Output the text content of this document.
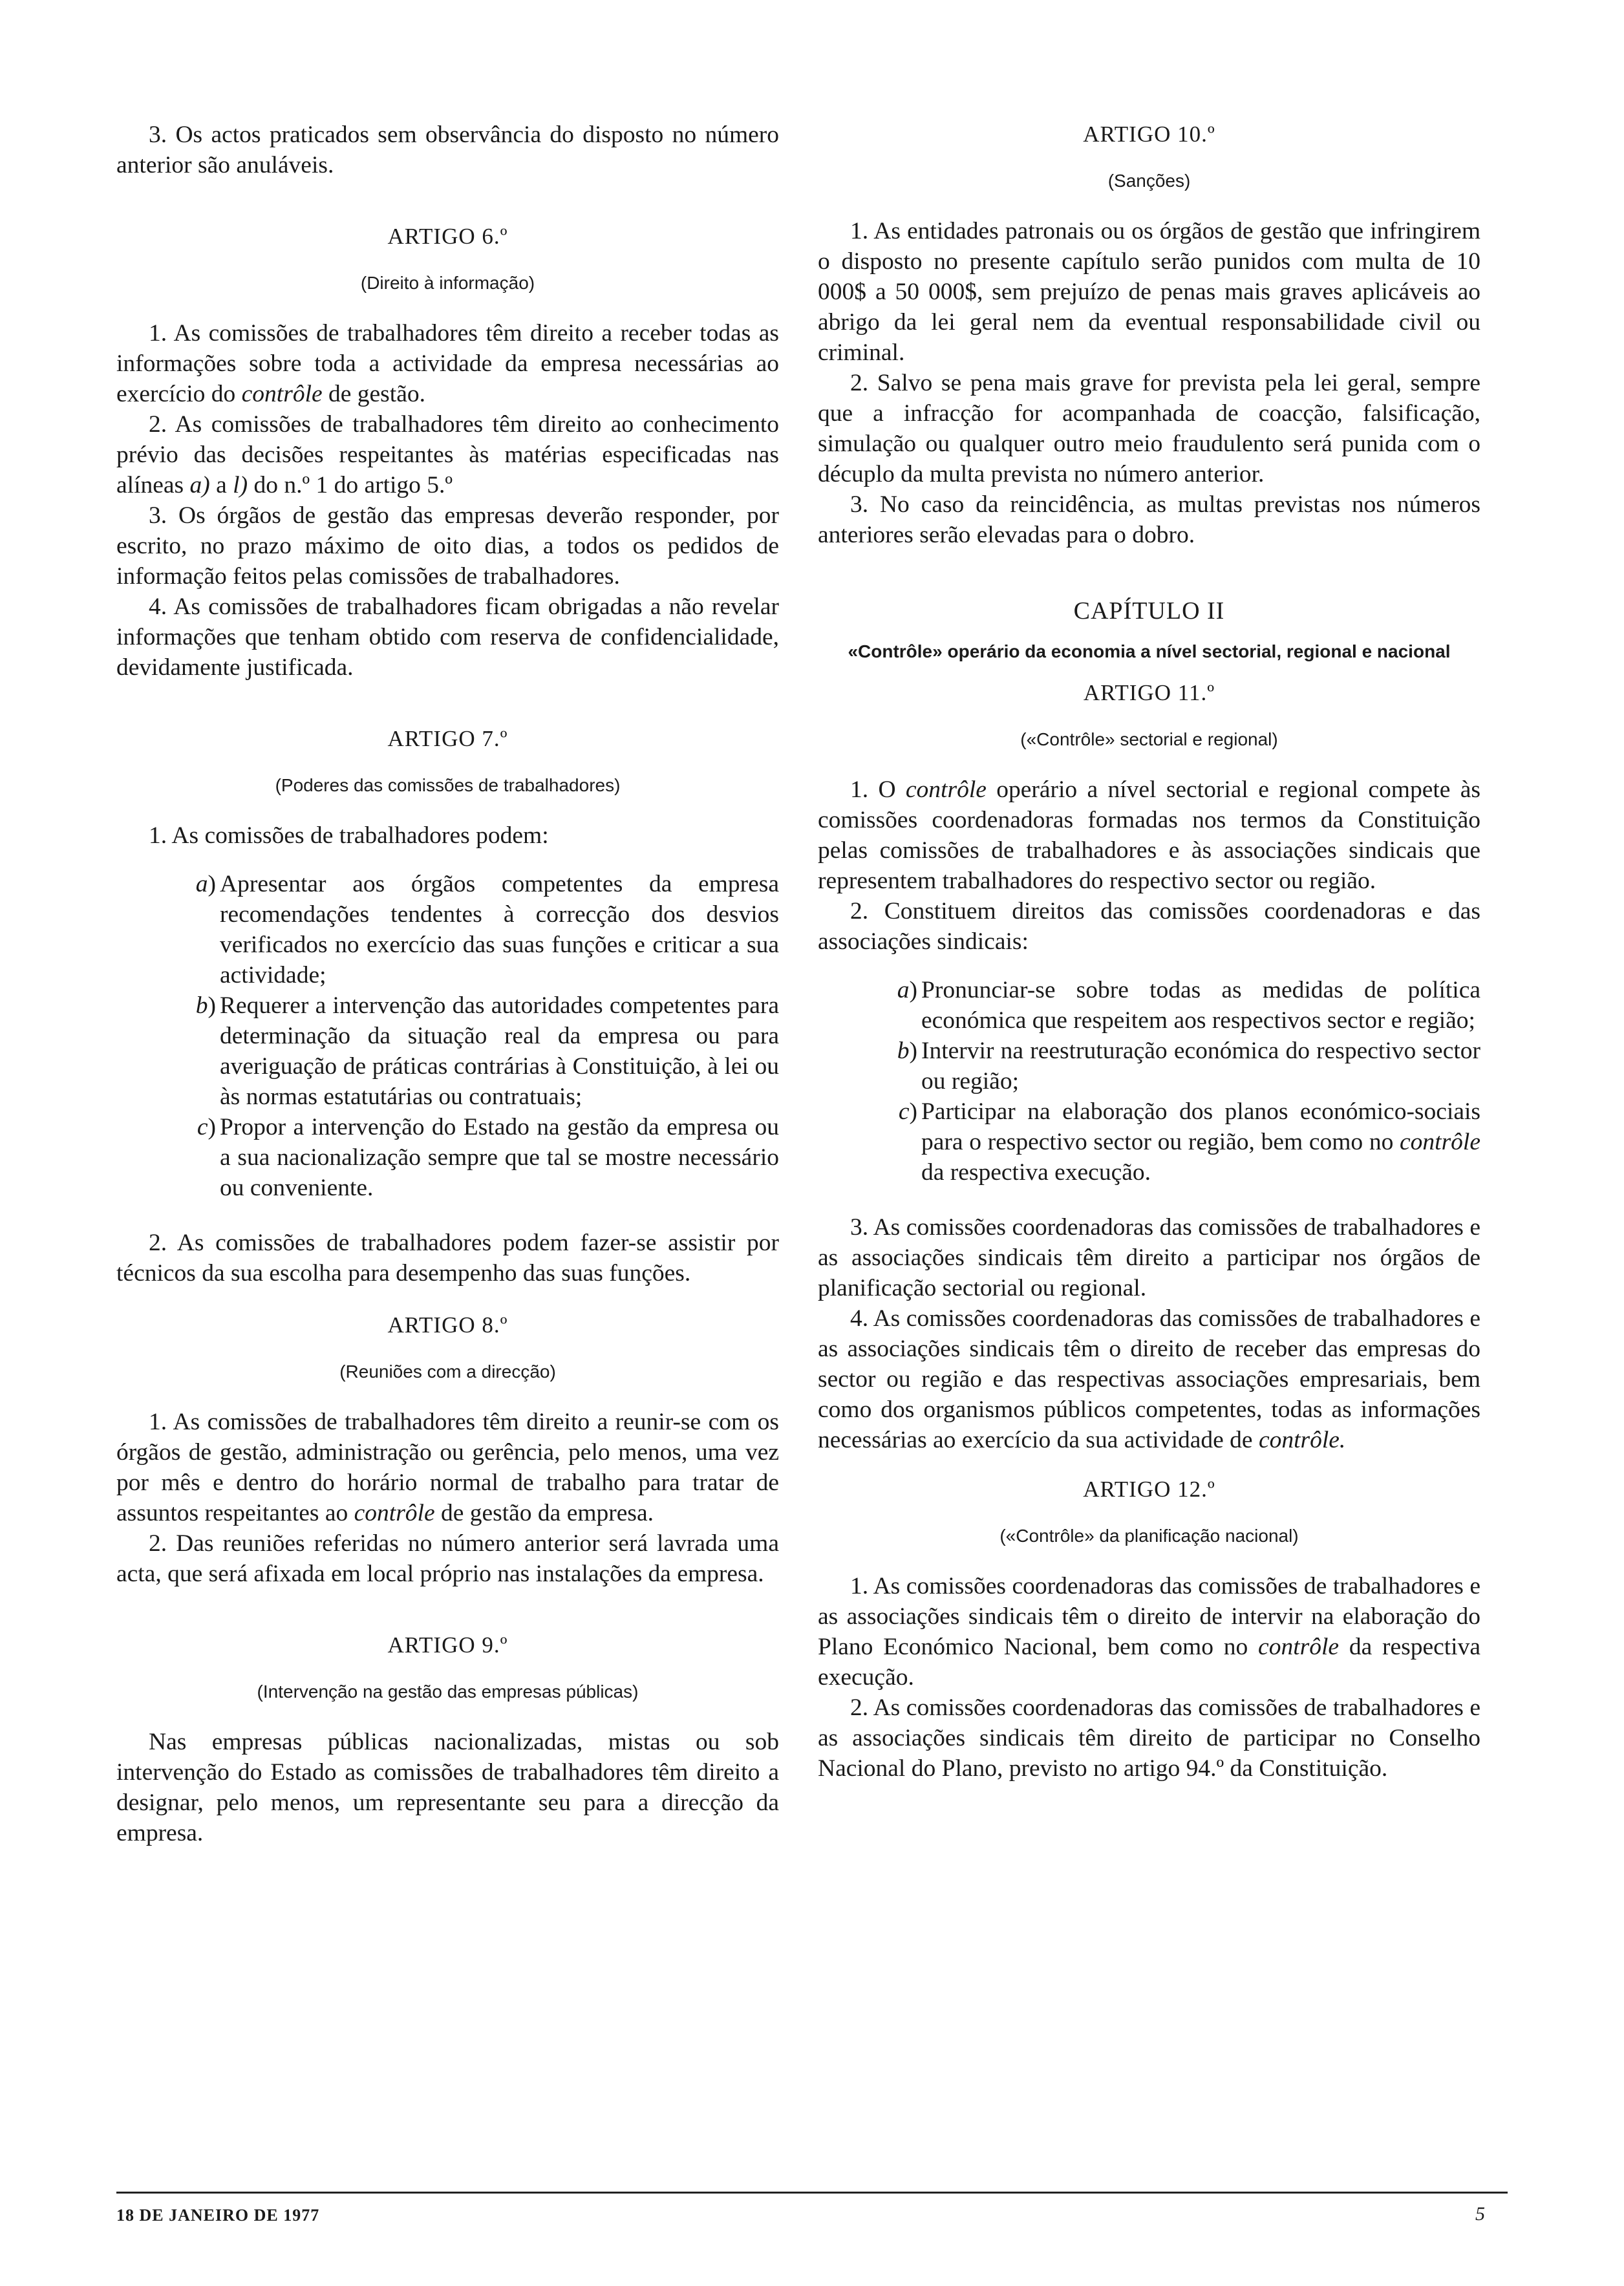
3. Os actos praticados sem observância do disposto no número anterior são anuláveis.

ARTIGO 6.º
(Direito à informação)

1. As comissões de trabalhadores têm direito a receber todas as informações sobre toda a actividade da empresa necessárias ao exercício do contrôle de gestão.

2. As comissões de trabalhadores têm direito ao conhecimento prévio das decisões respeitantes às matérias especificadas nas alíneas a) a l) do n.º 1 do artigo 5.º

3. Os órgãos de gestão das empresas deverão responder, por escrito, no prazo máximo de oito dias, a todos os pedidos de informação feitos pelas comissões de trabalhadores.

4. As comissões de trabalhadores ficam obrigadas a não revelar informações que tenham obtido com reserva de confidencialidade, devidamente justificada.

ARTIGO 7.º
(Poderes das comissões de trabalhadores)

1. As comissões de trabalhadores podem:

a ) Apresentar aos órgãos competentes da empresa recomendações tendentes à correcção dos desvios verificados no exercício das suas funções e criticar a sua actividade;
b ) Requerer a intervenção das autoridades competentes para determinação da situação real da empresa ou para averiguação de práticas contrárias à Constituição, à lei ou às normas estatutárias ou contratuais;
c ) Propor a intervenção do Estado na gestão da empresa ou a sua nacionalização sempre que tal se mostre necessário ou conveniente.

2. As comissões de trabalhadores podem fazer-se assistir por técnicos da sua escolha para desempenho das suas funções.

ARTIGO 8.º
(Reuniões com a direcção)

1. As comissões de trabalhadores têm direito a reunir-se com os órgãos de gestão, administração ou gerência, pelo menos, uma vez por mês e dentro do horário normal de trabalho para tratar de assuntos respeitantes ao contrôle de gestão da empresa.

2. Das reuniões referidas no número anterior será lavrada uma acta, que será afixada em local próprio nas instalações da empresa.

ARTIGO 9.º
(Intervenção na gestão das empresas públicas)

Nas empresas públicas nacionalizadas, mistas ou sob intervenção do Estado as comissões de trabalhadores têm direito a designar, pelo menos, um representante seu para a direcção da empresa.

ARTIGO 10.º
(Sanções)

1. As entidades patronais ou os órgãos de gestão que infringirem o disposto no presente capítulo serão punidos com multa de 10 000$ a 50 000$, sem prejuízo de penas mais graves aplicáveis ao abrigo da lei geral nem da eventual responsabilidade civil ou criminal.

2. Salvo se pena mais grave for prevista pela lei geral, sempre que a infracção for acompanhada de coacção, falsificação, simulação ou qualquer outro meio fraudulento será punida com o décuplo da multa prevista no número anterior.

3. No caso da reincidência, as multas previstas nos números anteriores serão elevadas para o dobro.

CAPÍTULO II
«Contrôle» operário da economia a nível sectorial, regional e nacional
ARTIGO 11.º
(«Contrôle» sectorial e regional)

1. O contrôle operário a nível sectorial e regional compete às comissões coordenadoras formadas nos termos da Constituição pelas comissões de trabalhadores e às associações sindicais que representem trabalhadores do respectivo sector ou região.

2. Constituem direitos das comissões coordenadoras e das associações sindicais:

a ) Pronunciar-se sobre todas as medidas de política económica que respeitem aos respectivos sector e região;
b ) Intervir na reestruturação económica do respectivo sector ou região;
c ) Participar na elaboração dos planos económico-sociais para o respectivo sector ou região, bem como no contrôle da respectiva execução.

3. As comissões coordenadoras das comissões de trabalhadores e as associações sindicais têm direito a participar nos órgãos de planificação sectorial ou regional.

4. As comissões coordenadoras das comissões de trabalhadores e as associações sindicais têm o direito de receber das empresas do sector ou região e das respectivas associações empresariais, bem como dos organismos públicos competentes, todas as informações necessárias ao exercício da sua actividade de contrôle.

ARTIGO 12.º
(«Contrôle» da planificação nacional)

1. As comissões coordenadoras das comissões de trabalhadores e as associações sindicais têm o direito de intervir na elaboração do Plano Económico Nacional, bem como no contrôle da respectiva execução.

2. As comissões coordenadoras das comissões de trabalhadores e as associações sindicais têm direito de participar no Conselho Nacional do Plano, previsto no artigo 94.º da Constituição.

18 DE JANEIRO DE 1977	5
